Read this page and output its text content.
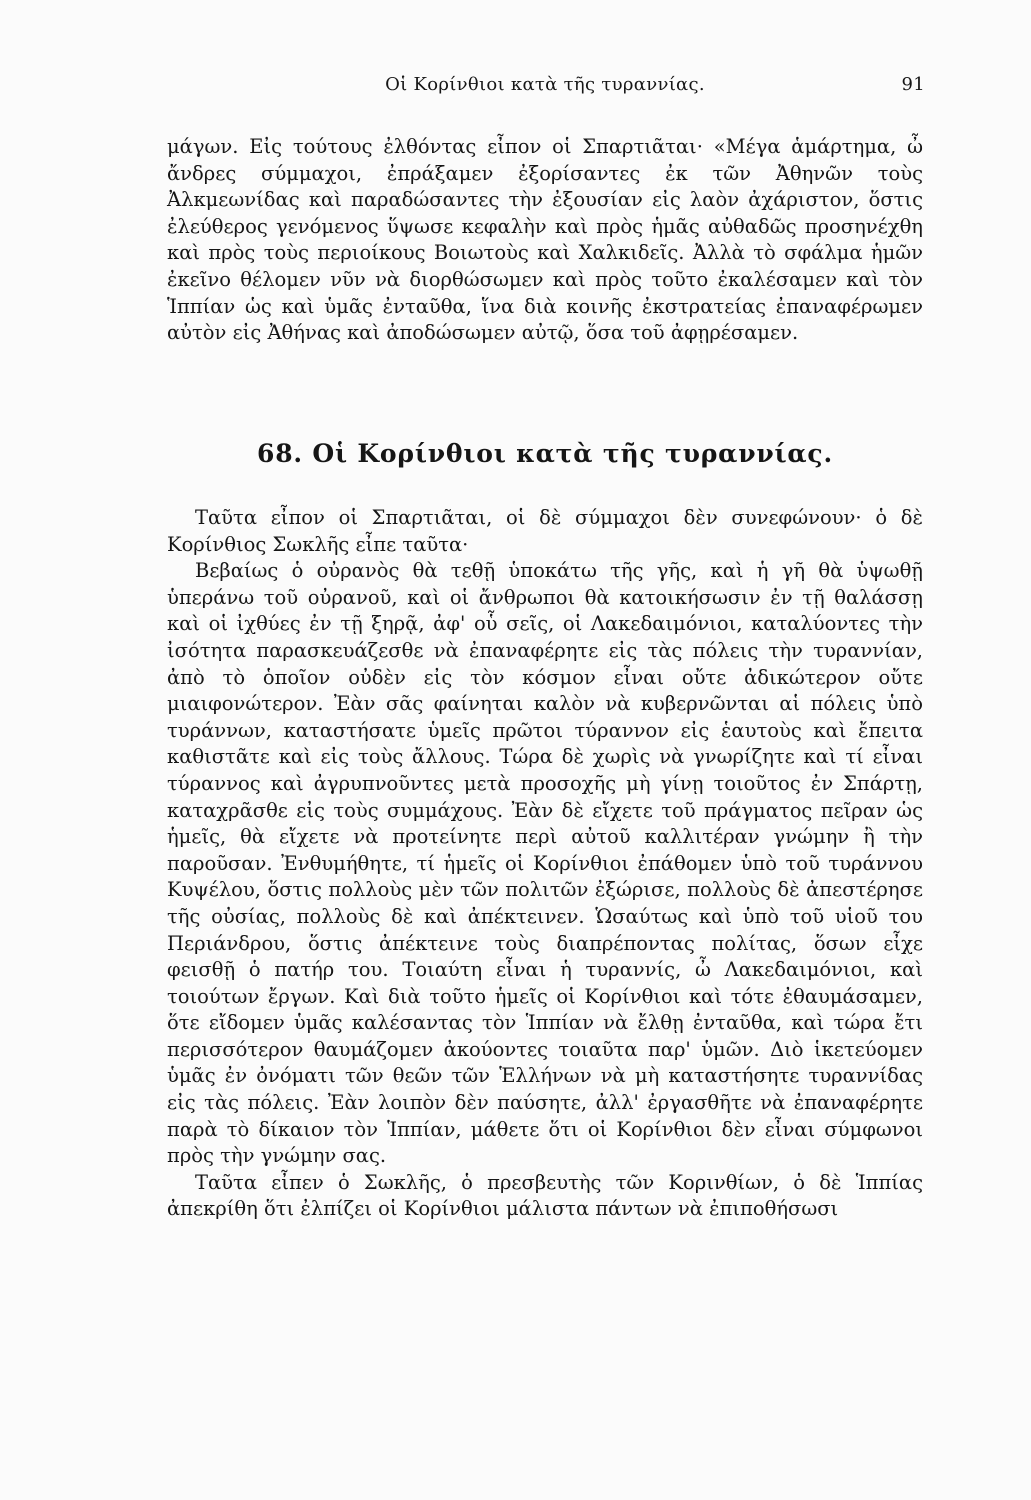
Οἱ Κορίνθιοι κατὰ τῆς τυραννίας.	91

μάγων. Εἰς τούτους ἐλθόντας εἶπον οἱ Σπαρτιᾶται· «Μέγα ἁμάρτημα, ὦ ἄνδρες σύμμαχοι, ἐπράξαμεν ἐξορίσαντες ἐκ τῶν Ἀθηνῶν τοὺς Ἀλκμεωνίδας καὶ παραδώσαντες τὴν ἐξουσίαν εἰς λαὸν ἀχάριστον, ὅστις ἐλεύθερος γενόμενος ὕψωσε κεφαλὴν καὶ πρὸς ἡμᾶς αὐθαδῶς προσηνέχθη καὶ πρὸς τοὺς περιοίκους Βοιωτοὺς καὶ Χαλκιδεῖς. Ἀλλὰ τὸ σφάλμα ἡμῶν ἐκεῖνο θέλομεν νῦν νὰ διορθώσωμεν καὶ πρὸς τοῦτο ἐκαλέσαμεν καὶ τὸν Ἱππίαν ὡς καὶ ὑμᾶς ἐνταῦθα, ἵνα διὰ κοινῆς ἐκστρατείας ἐπαναφέρωμεν αὐτὸν εἰς Ἀθήνας καὶ ἀποδώσωμεν αὐτῷ, ὅσα τοῦ ἀφῃρέσαμεν.

68. Οἱ Κορίνθιοι κατὰ τῆς τυραννίας.

Ταῦτα εἶπον οἱ Σπαρτιᾶται, οἱ δὲ σύμμαχοι δὲν συνεφώνουν· ὁ δὲ Κορίνθιος Σωκλῆς εἶπε ταῦτα·

Βεβαίως ὁ οὐρανὸς θὰ τεθῇ ὑποκάτω τῆς γῆς, καὶ ἡ γῆ θὰ ὑψωθῇ ὑπεράνω τοῦ οὐρανοῦ, καὶ οἱ ἄνθρωποι θὰ κατοικήσωσιν ἐν τῇ θαλάσσῃ καὶ οἱ ἰχθύες ἐν τῇ ξηρᾷ, ἀφ' οὗ σεῖς, οἱ Λακεδαιμόνιοι, καταλύοντες τὴν ἰσότητα παρασκευάζεσθε νὰ ἐπαναφέρητε εἰς τὰς πόλεις τὴν τυραννίαν, ἀπὸ τὸ ὁποῖον οὐδὲν εἰς τὸν κόσμον εἶναι οὔτε ἀδικώτερον οὔτε μιαιφονώτερον. Ἐὰν σᾶς φαίνηται καλὸν νὰ κυβερνῶνται αἱ πόλεις ὑπὸ τυράννων, καταστήσατε ὑμεῖς πρῶτοι τύραννον εἰς ἑαυτοὺς καὶ ἔπειτα καθιστᾶτε καὶ εἰς τοὺς ἄλλους. Τώρα δὲ χωρὶς νὰ γνωρίζητε καὶ τί εἶναι τύραννος καὶ ἀγρυπνοῦντες μετὰ προσοχῆς μὴ γίνῃ τοιοῦτος ἐν Σπάρτῃ, καταχρᾶσθε εἰς τοὺς συμμάχους. Ἐὰν δὲ εἴχετε τοῦ πράγματος πεῖραν ὡς ἡμεῖς, θὰ εἴχετε νὰ προτείνητε περὶ αὐτοῦ καλλιτέραν γνώμην ἢ τὴν παροῦσαν. Ἐνθυμήθητε, τί ἡμεῖς οἱ Κορίνθιοι ἐπάθομεν ὑπὸ τοῦ τυράννου Κυψέλου, ὅστις πολλοὺς μὲν τῶν πολιτῶν ἐξώρισε, πολλοὺς δὲ ἀπεστέρησε τῆς οὐσίας, πολλοὺς δὲ καὶ ἀπέκτεινεν. Ὡσαύτως καὶ ὑπὸ τοῦ υἱοῦ του Περιάνδρου, ὅστις ἀπέκτεινε τοὺς διαπρέποντας πολίτας, ὅσων εἶχε φεισθῇ ὁ πατήρ του. Τοιαύτη εἶναι ἡ τυραννίς, ὦ Λακεδαιμόνιοι, καὶ τοιούτων ἔργων. Καὶ διὰ τοῦτο ἡμεῖς οἱ Κορίνθιοι καὶ τότε ἐθαυμάσαμεν, ὅτε εἴδομεν ὑμᾶς καλέσαντας τὸν Ἱππίαν νὰ ἔλθῃ ἐνταῦθα, καὶ τώρα ἔτι περισσότερον θαυμάζομεν ἀκούοντες τοιαῦτα παρ' ὑμῶν. Διὸ ἱκετεύομεν ὑμᾶς ἐν ὀνόματι τῶν θεῶν τῶν Ἑλλήνων νὰ μὴ καταστήσητε τυραννίδας εἰς τὰς πόλεις. Ἐὰν λοιπὸν δὲν παύσητε, ἀλλ' ἐργασθῆτε νὰ ἐπαναφέρητε παρὰ τὸ δίκαιον τὸν Ἱππίαν, μάθετε ὅτι οἱ Κορίνθιοι δὲν εἶναι σύμφωνοι πρὸς τὴν γνώμην σας.

Ταῦτα εἶπεν ὁ Σωκλῆς, ὁ πρεσβευτὴς τῶν Κορινθίων, ὁ δὲ Ἱππίας ἀπεκρίθη ὅτι ἐλπίζει οἱ Κορίνθιοι μάλιστα πάντων νὰ ἐπιποθήσωσι
